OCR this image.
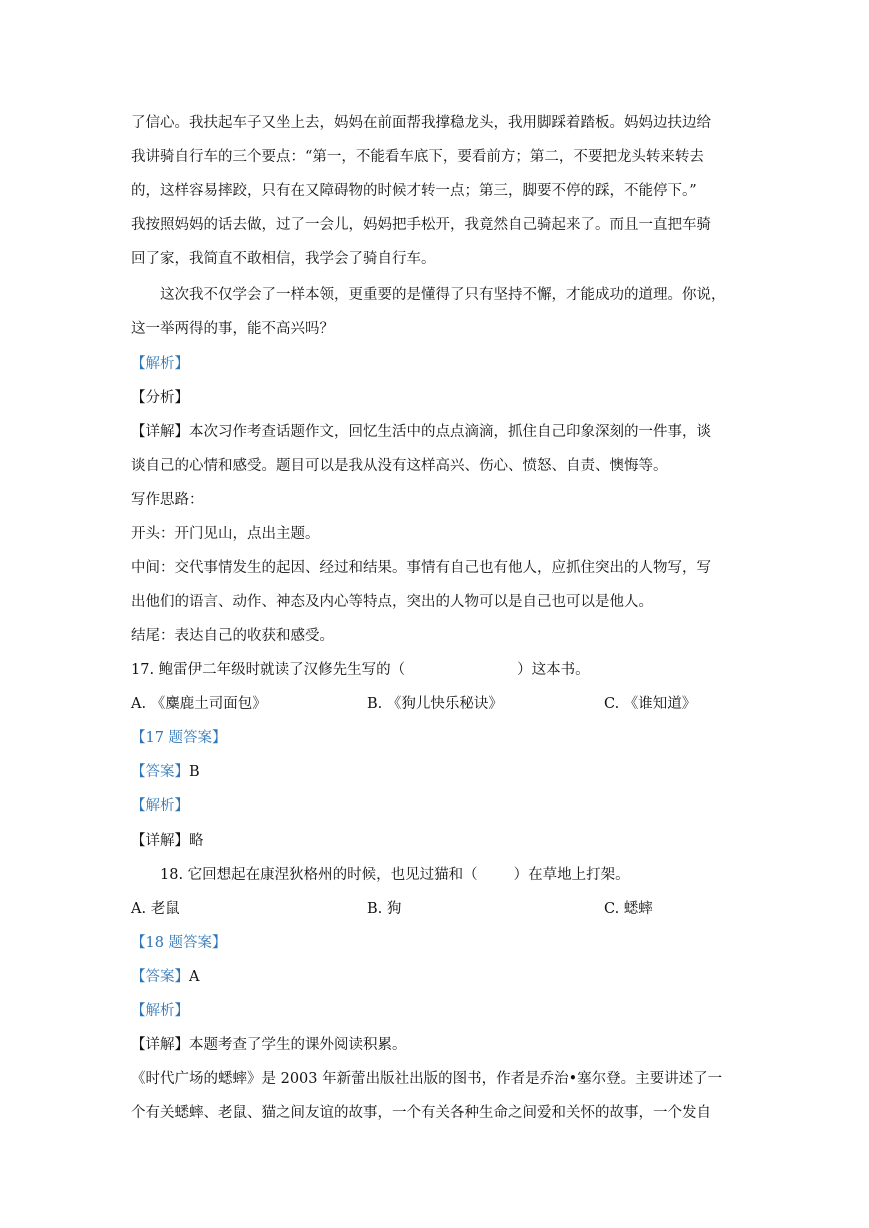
了信心。我扶起车子又坐上去，妈妈在前面帮我撑稳龙头，我用脚踩着踏板。妈妈边扶边给
我讲骑自行车的三个要点：“第一，不能看车底下，要看前方；第二，不要把龙头转来转去
的，这样容易摔跤，只有在又障碍物的时候才转一点；第三，脚要不停的踩，不能停下。”
我按照妈妈的话去做，过了一会儿，妈妈把手松开，我竟然自己骑起来了。而且一直把车骑
回了家，我简直不敢相信，我学会了骑自行车。
这次我不仅学会了一样本领，更重要的是懂得了只有坚持不懈，才能成功的道理。你说，
这一举两得的事，能不高兴吗？
【解析】
【分析】
【详解】本次习作考查话题作文，回忆生活中的点点滴滴，抓住自己印象深刻的一件事，谈
谈自己的心情和感受。题目可以是我从没有这样高兴、伤心、愤怒、自责、懊悔等。
写作思路：
开头：开门见山，点出主题。
中间：交代事情发生的起因、经过和结果。事情有自己也有他人，应抓住突出的人物写，写
出他们的语言、动作、神态及内心等特点，突出的人物可以是自己也可以是他人。
结尾：表达自己的收获和感受。
17. 鲍雷伊二年级时就读了汉修先生写的（	）这本书。
A. 《麋鹿土司面包》	B. 《狗儿快乐秘诀》	C. 《谁知道》
【17 题答案】
【答案】B
【解析】
【详解】略
18. 它回想起在康涅狄格州的时候，也见过猫和（ ）在草地上打架。
A. 老鼠	B. 狗	C. 蟋蟀
【18 题答案】
【答案】A
【解析】
【详解】本题考查了学生的课外阅读积累。
《时代广场的蟋蟀》是 2003 年新蕾出版社出版的图书，作者是乔治•塞尔登。主要讲述了一
个有关蟋蟀、老鼠、猫之间友谊的故事，一个有关各种生命之间爱和关怀的故事，一个发自
